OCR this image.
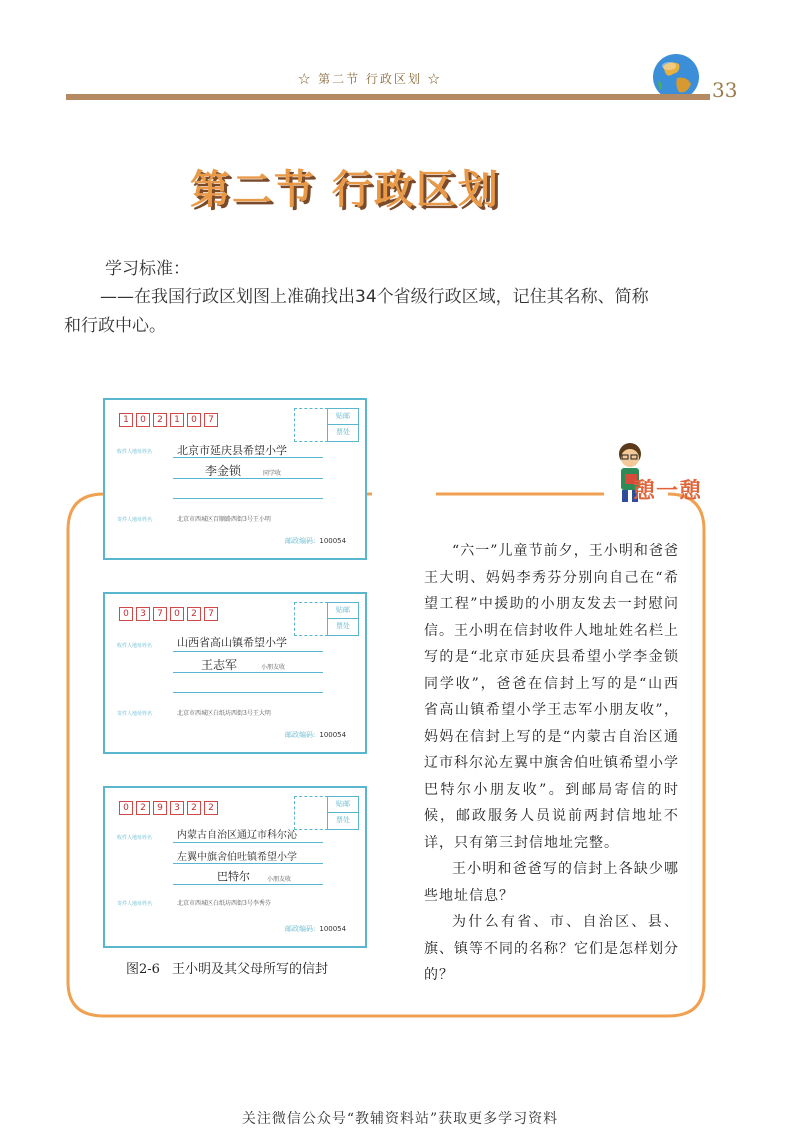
☆ 第二节 行政区划 ☆	33
第二节 行政区划
学习标准：
——在我国行政区划图上准确找出34个省级行政区域，记住其名称、简称和行政中心。
憩一憩
1	0	2	1	0	7	贴邮
票处
收件人地址姓名 北京市延庆县希望小学
李金锁	同学收
寄件人地址姓名	北京市西城区百顺路西街3号王小明
邮政编码: 100054
0	3	7	0	2	7	贴邮
票处
收件人地址姓名 山西省高山镇希望小学
王志军	小朋友收
寄件人地址姓名	北京市西城区白纸坊西街3号王大明
邮政编码: 100054
0	2	9	3	2	2	贴邮
票处
收件人地址姓名 内蒙古自治区通辽市科尔沁
左翼中旗舍伯吐镇希望小学
巴特尔	小朋友收
寄件人地址姓名	北京市西城区白纸坊西街3号李秀芬
邮政编码: 100054
图2-6 王小明及其父母所写的信封

“六一”儿童节前夕，王小明和爸爸王大明、妈妈李秀芬分别向自己在“希望工程”中援助的小朋友发去一封慰问信。王小明在信封收件人地址姓名栏上写的是“北京市延庆县希望小学李金锁同学收”，爸爸在信封上写的是“山西省高山镇希望小学王志军小朋友收”，妈妈在信封上写的是“内蒙古自治区通辽市科尔沁左翼中旗舍伯吐镇希望小学巴特尔小朋友收”。到邮局寄信的时候，邮政服务人员说前两封信地址不详，只有第三封信地址完整。

王小明和爸爸写的信封上各缺少哪些地址信息？

为什么有省、市、自治区、县、旗、镇等不同的名称？它们是怎样划分的？

关注微信公众号“教辅资料站”获取更多学习资料
